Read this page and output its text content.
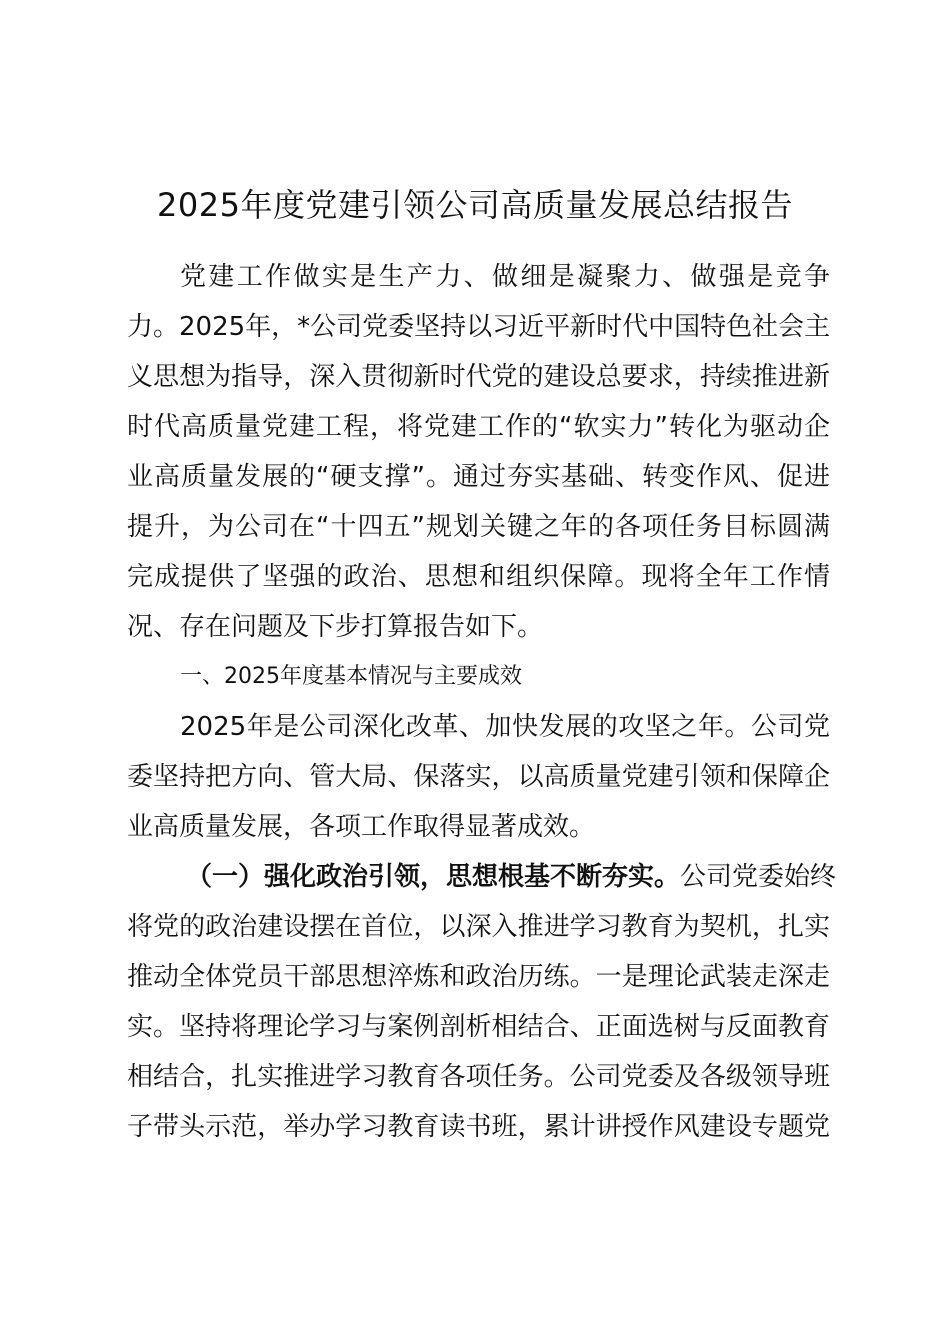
2025年度党建引领公司高质量发展总结报告
党建工作做实是生产力、做细是凝聚力、做强是竞争
力。2025年，*公司党委坚持以习近平新时代中国特色社会主
义思想为指导，深入贯彻新时代党的建设总要求，持续推进新
时代高质量党建工程，将党建工作的“软实力”转化为驱动企
业高质量发展的“硬支撑”。通过夯实基础、转变作风、促进
提升，为公司在“十四五”规划关键之年的各项任务目标圆满
完成提供了坚强的政治、思想和组织保障。现将全年工作情
况、存在问题及下步打算报告如下。
一、2025年度基本情况与主要成效
2025年是公司深化改革、加快发展的攻坚之年。公司党
委坚持把方向、管大局、保落实，以高质量党建引领和保障企
业高质量发展，各项工作取得显著成效。
（一）强化政治引领，思想根基不断夯实。公司党委始终
将党的政治建设摆在首位，以深入推进学习教育为契机，扎实
推动全体党员干部思想淬炼和政治历练。一是理论武装走深走
实。坚持将理论学习与案例剖析相结合、正面选树与反面教育
相结合，扎实推进学习教育各项任务。公司党委及各级领导班
子带头示范，举办学习教育读书班，累计讲授作风建设专题党
